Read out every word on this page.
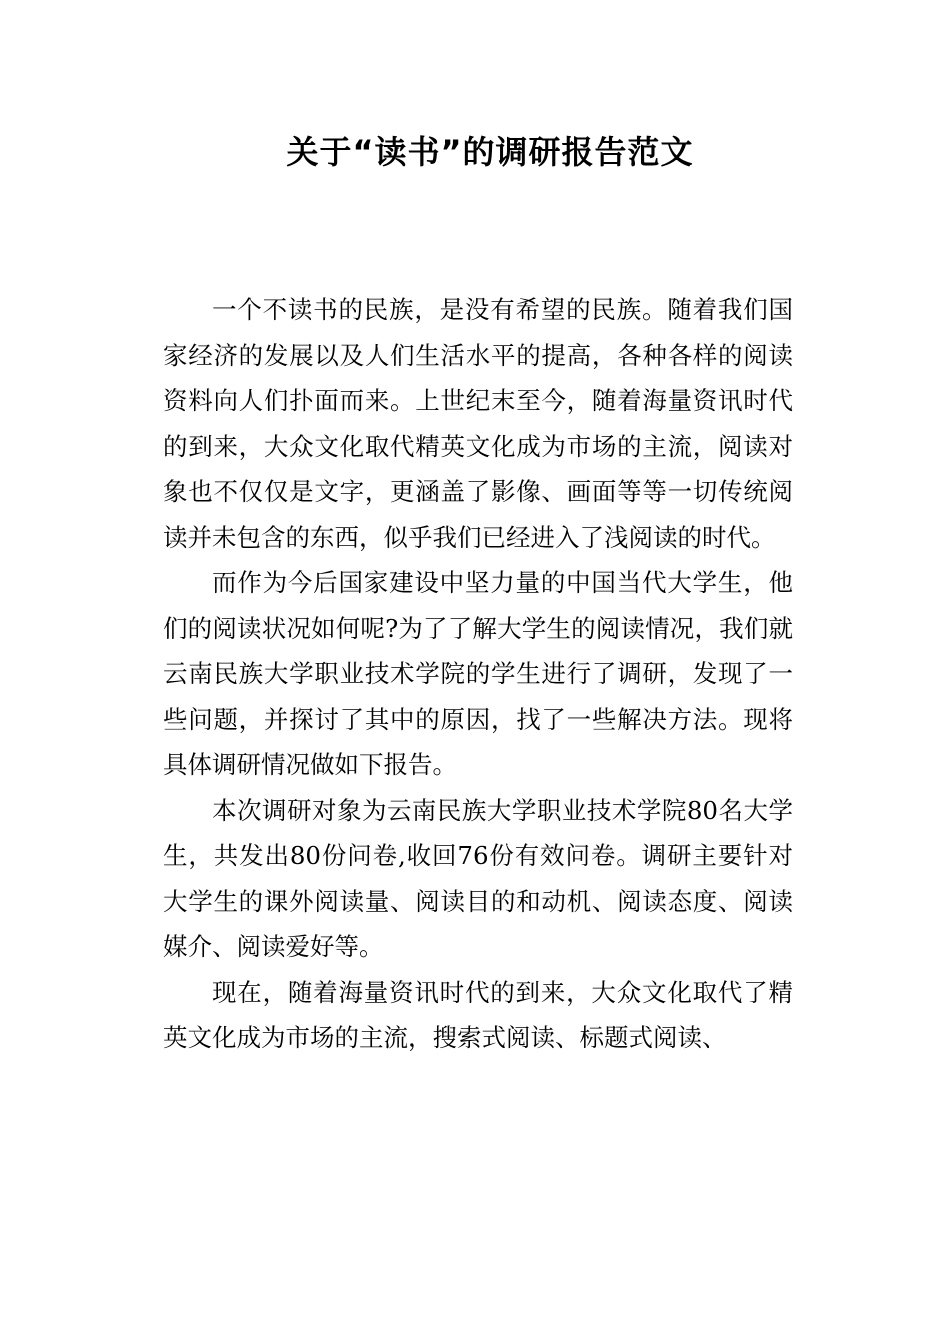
关于“读书”的调研报告范文

一个不读书的民族，是没有希望的民族。随着我们国家经济的发展以及人们生活水平的提高，各种各样的阅读资料向人们扑面而来。上世纪末至今，随着海量资讯时代的到来，大众文化取代精英文化成为市场的主流，阅读对象也不仅仅是文字，更涵盖了影像、画面等等一切传统阅读并未包含的东西，似乎我们已经进入了浅阅读的时代。

而作为今后国家建设中坚力量的中国当代大学生，他们的阅读状况如何呢?为了了解大学生的阅读情况，我们就云南民族大学职业技术学院的学生进行了调研，发现了一些问题，并探讨了其中的原因，找了一些解决方法。现将具体调研情况做如下报告。

本次调研对象为云南民族大学职业技术学院80名大学生，共发出80份问卷,收回76份有效问卷。调研主要针对大学生的课外阅读量、阅读目的和动机、阅读态度、阅读媒介、阅读爱好等。

现在，随着海量资讯时代的到来，大众文化取代了精英文化成为市场的主流，搜索式阅读、标题式阅读、
